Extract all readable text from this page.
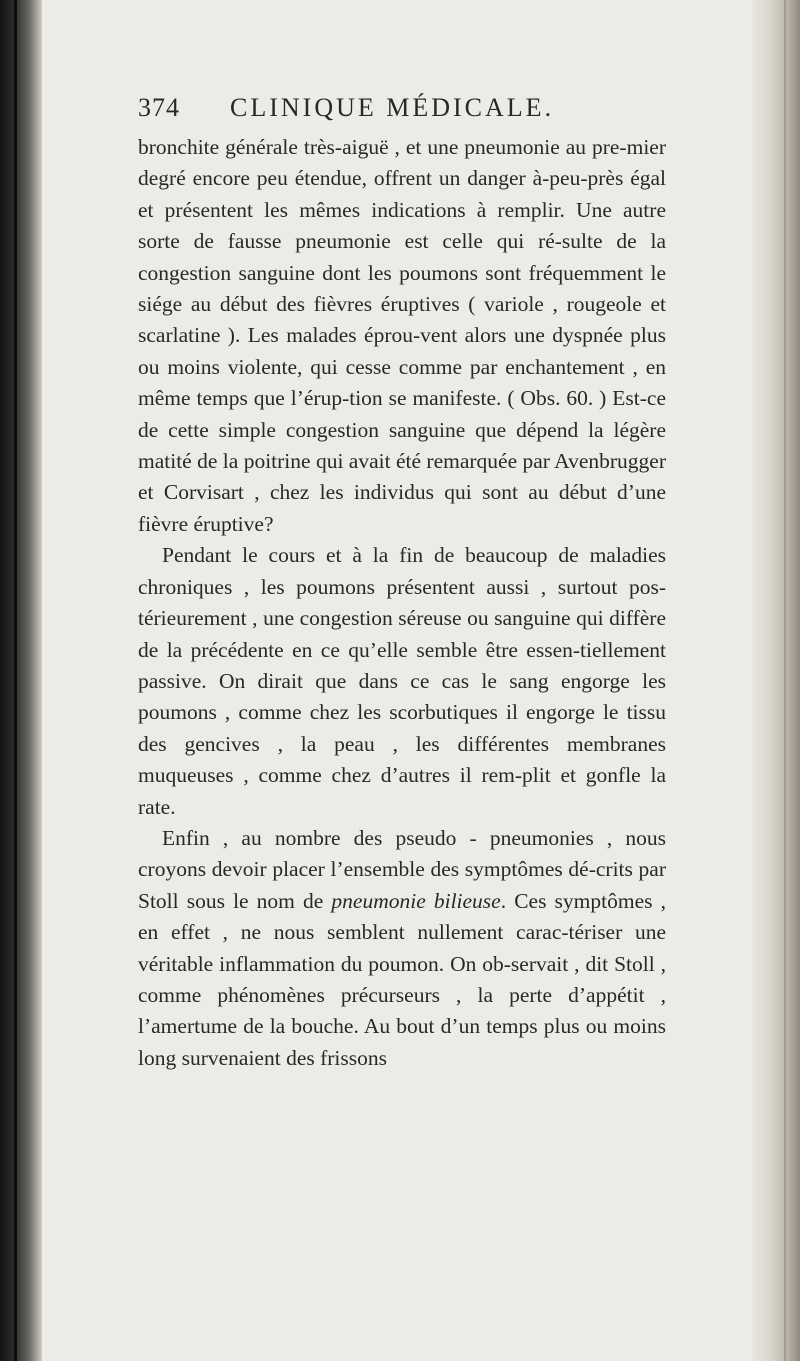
374 CLINIQUE MÉDICALE.

bronchite générale très-aiguë , et une pneumonie au pre-mier degré encore peu étendue, offrent un danger à-peu-près égal et présentent les mêmes indications à remplir. Une autre sorte de fausse pneumonie est celle qui ré-sulte de la congestion sanguine dont les poumons sont fréquemment le siége au début des fièvres éruptives ( variole , rougeole et scarlatine ). Les malades éprou-vent alors une dyspnée plus ou moins violente, qui cesse comme par enchantement , en même temps que l’érup-tion se manifeste. ( Obs. 60. ) Est-ce de cette simple congestion sanguine que dépend la légère matité de la poitrine qui avait été remarquée par Avenbrugger et Corvisart , chez les individus qui sont au début d’une fièvre éruptive?

Pendant le cours et à la fin de beaucoup de maladies chroniques , les poumons présentent aussi , surtout pos-térieurement , une congestion séreuse ou sanguine qui diffère de la précédente en ce qu’elle semble être essen-tiellement passive. On dirait que dans ce cas le sang engorge les poumons , comme chez les scorbutiques il engorge le tissu des gencives , la peau , les différentes membranes muqueuses , comme chez d’autres il rem-plit et gonfle la rate.

Enfin , au nombre des pseudo - pneumonies , nous croyons devoir placer l’ensemble des symptômes dé-crits par Stoll sous le nom de pneumonie bilieuse. Ces symptômes , en effet , ne nous semblent nullement carac-tériser une véritable inflammation du poumon. On ob-servait , dit Stoll , comme phénomènes précurseurs , la perte d’appétit , l’amertume de la bouche. Au bout d’un temps plus ou moins long survenaient des frissons
